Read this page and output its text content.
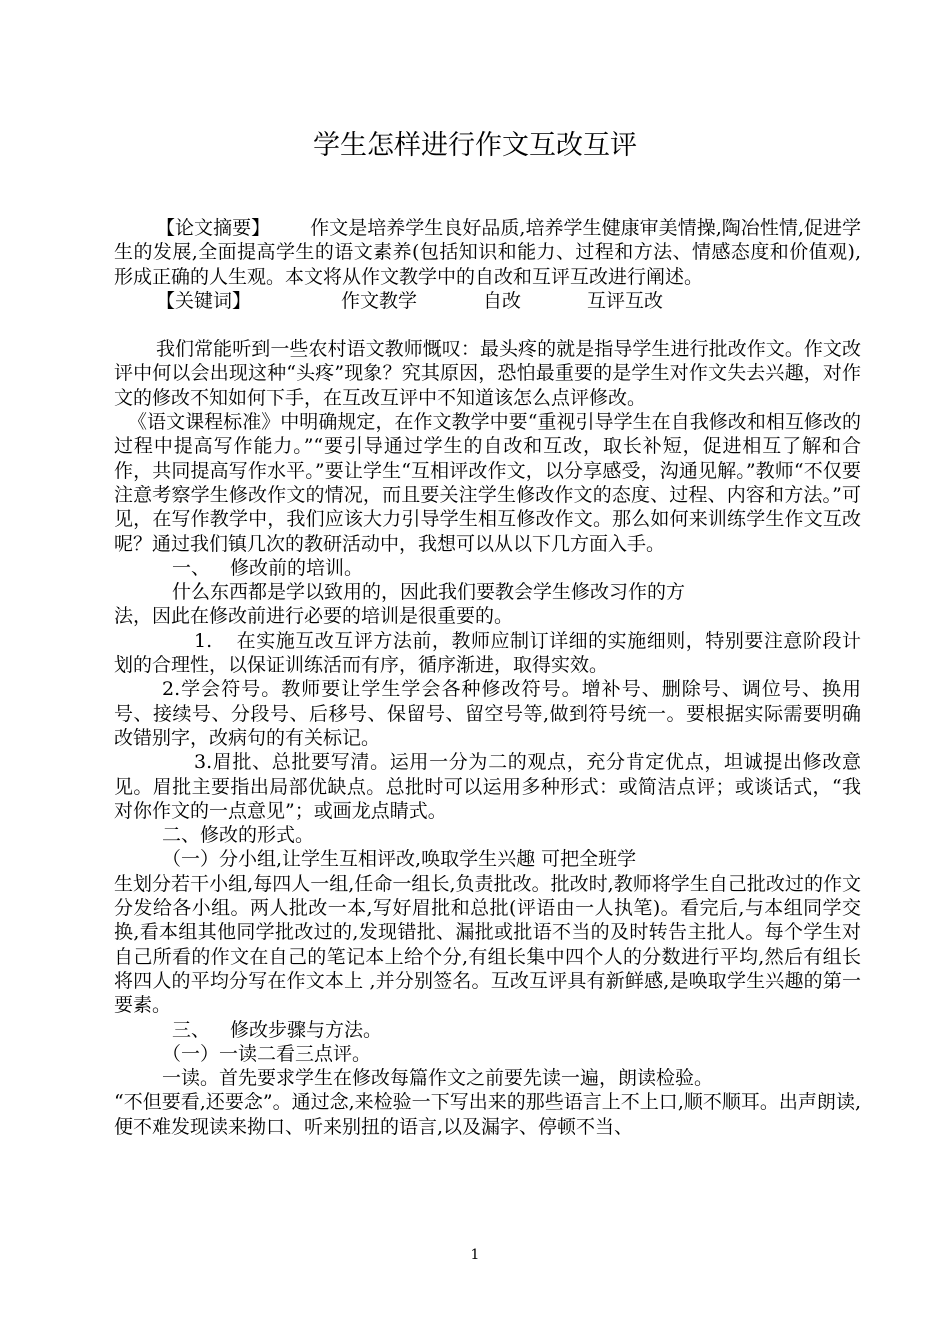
学生怎样进行作文互改互评

【论文摘要】 作文是培养学生良好品质,培养学生健康审美情操,陶冶性情,促进学生的发展,全面提高学生的语文素养(包括知识和能力、过程和方法、情感态度和价值观),形成正确的人生观。本文将从作文教学中的自改和互评互改进行阐述。

【关键词】	作文教学	自改	互评互改

我们常能听到一些农村语文教师慨叹：最头疼的就是指导学生进行批改作文。作文改评中何以会出现这种“头疼”现象？究其原因，恐怕最重要的是学生对作文失去兴趣，对作文的修改不知如何下手，在互改互评中不知道该怎么点评修改。

《语文课程标准》中明确规定，在作文教学中要“重视引导学生在自我修改和相互修改的过程中提高写作能力。”“要引导通过学生的自改和互改，取长补短，促进相互了解和合作，共同提高写作水平。”要让学生“互相评改作文，以分享感受，沟通见解。”教师“不仅要注意考察学生修改作文的情况，而且要关注学生修改作文的态度、过程、内容和方法。”可见，在写作教学中，我们应该大力引导学生相互修改作文。那么如何来训练学生作文互改呢？通过我们镇几次的教研活动中，我想可以从以下几方面入手。

一、 修改前的培训。

什么东西都是学以致用的，因此我们要教会学生修改习作的方

法，因此在修改前进行必要的培训是很重要的。

1. 在实施互改互评方法前，教师应制订详细的实施细则，特别要注意阶段计划的合理性，以保证训练活而有序，循序渐进，取得实效。

2.学会符号。教师要让学生学会各种修改符号。增补号、删除号、调位号、换用号、接续号、分段号、后移号、保留号、留空号等,做到符号统一。要根据实际需要明确改错别字，改病句的有关标记。

3.眉批、总批要写清。运用一分为二的观点，充分肯定优点，坦诚提出修改意见。眉批主要指出局部优缺点。总批时可以运用多种形式：或简洁点评；或谈话式，“我对你作文的一点意见”；或画龙点睛式。

二、修改的形式。

（一）分小组,让学生互相评改,唤取学生兴趣 可把全班学

生划分若干小组,每四人一组,任命一组长,负责批改。批改时,教师将学生自己批改过的作文分发给各小组。两人批改一本,写好眉批和总批(评语由一人执笔)。看完后,与本组同学交换,看本组其他同学批改过的,发现错批、漏批或批语不当的及时转告主批人。每个学生对自己所看的作文在自己的笔记本上给个分,有组长集中四个人的分数进行平均,然后有组长将四人的平均分写在作文本上 ,并分别签名。互改互评具有新鲜感,是唤取学生兴趣的第一要素。

三、 修改步骤与方法。

（一）一读二看三点评。

一读。首先要求学生在修改每篇作文之前要先读一遍，朗读检验。

“不但要看,还要念”。通过念,来检验一下写出来的那些语言上不上口,顺不顺耳。出声朗读,便不难发现读来拗口、听来别扭的语言,以及漏字、停顿不当、

1
